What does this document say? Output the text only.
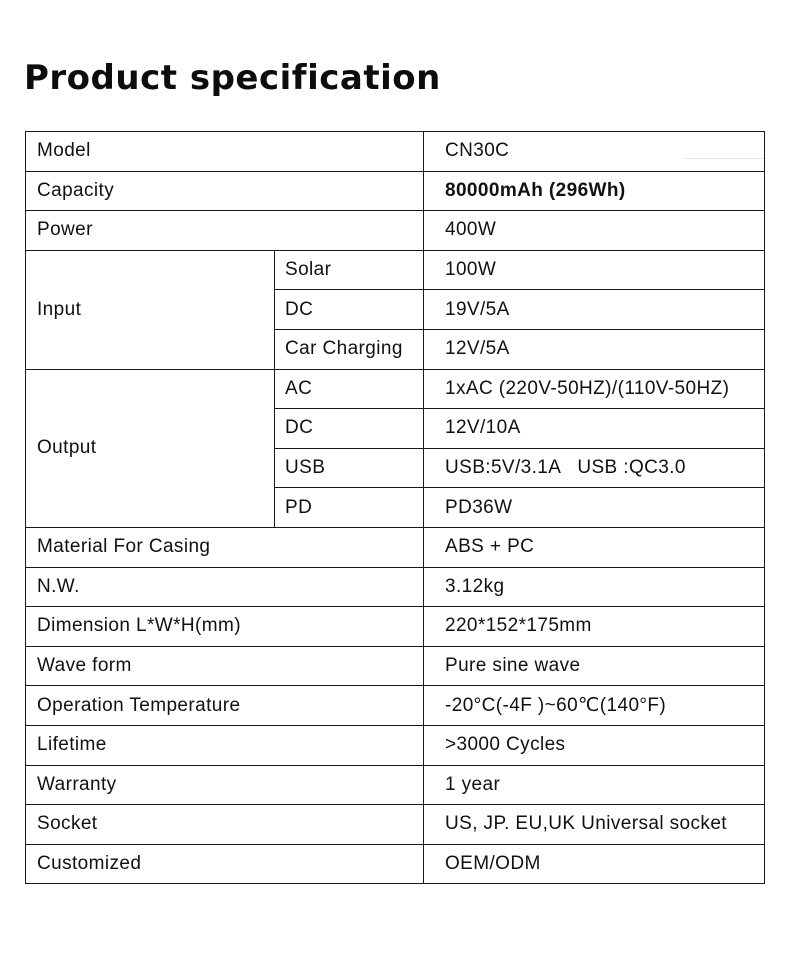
Product specification
Model		CN30C
Capacity		80000mAh (296Wh)
Power		400W
Input	Solar	100W
	DC	19V/5A
	Car Charging	12V/5A
Output	AC	1xAC (220V-50HZ)/(110V-50HZ)
	DC	12V/10A
	USB	USB:5V/3.1A   USB :QC3.0
	PD	PD36W
Material For Casing		ABS + PC
N.W.		3.12kg
Dimension L*W*H(mm)		220*152*175mm
Wave form		Pure sine wave
Operation Temperature		-20°C(-4F )~60℃(140°F)
Lifetime		>3000 Cycles
Warranty		1 year
Socket		US, JP. EU,UK Universal socket
Customized		OEM/ODM
